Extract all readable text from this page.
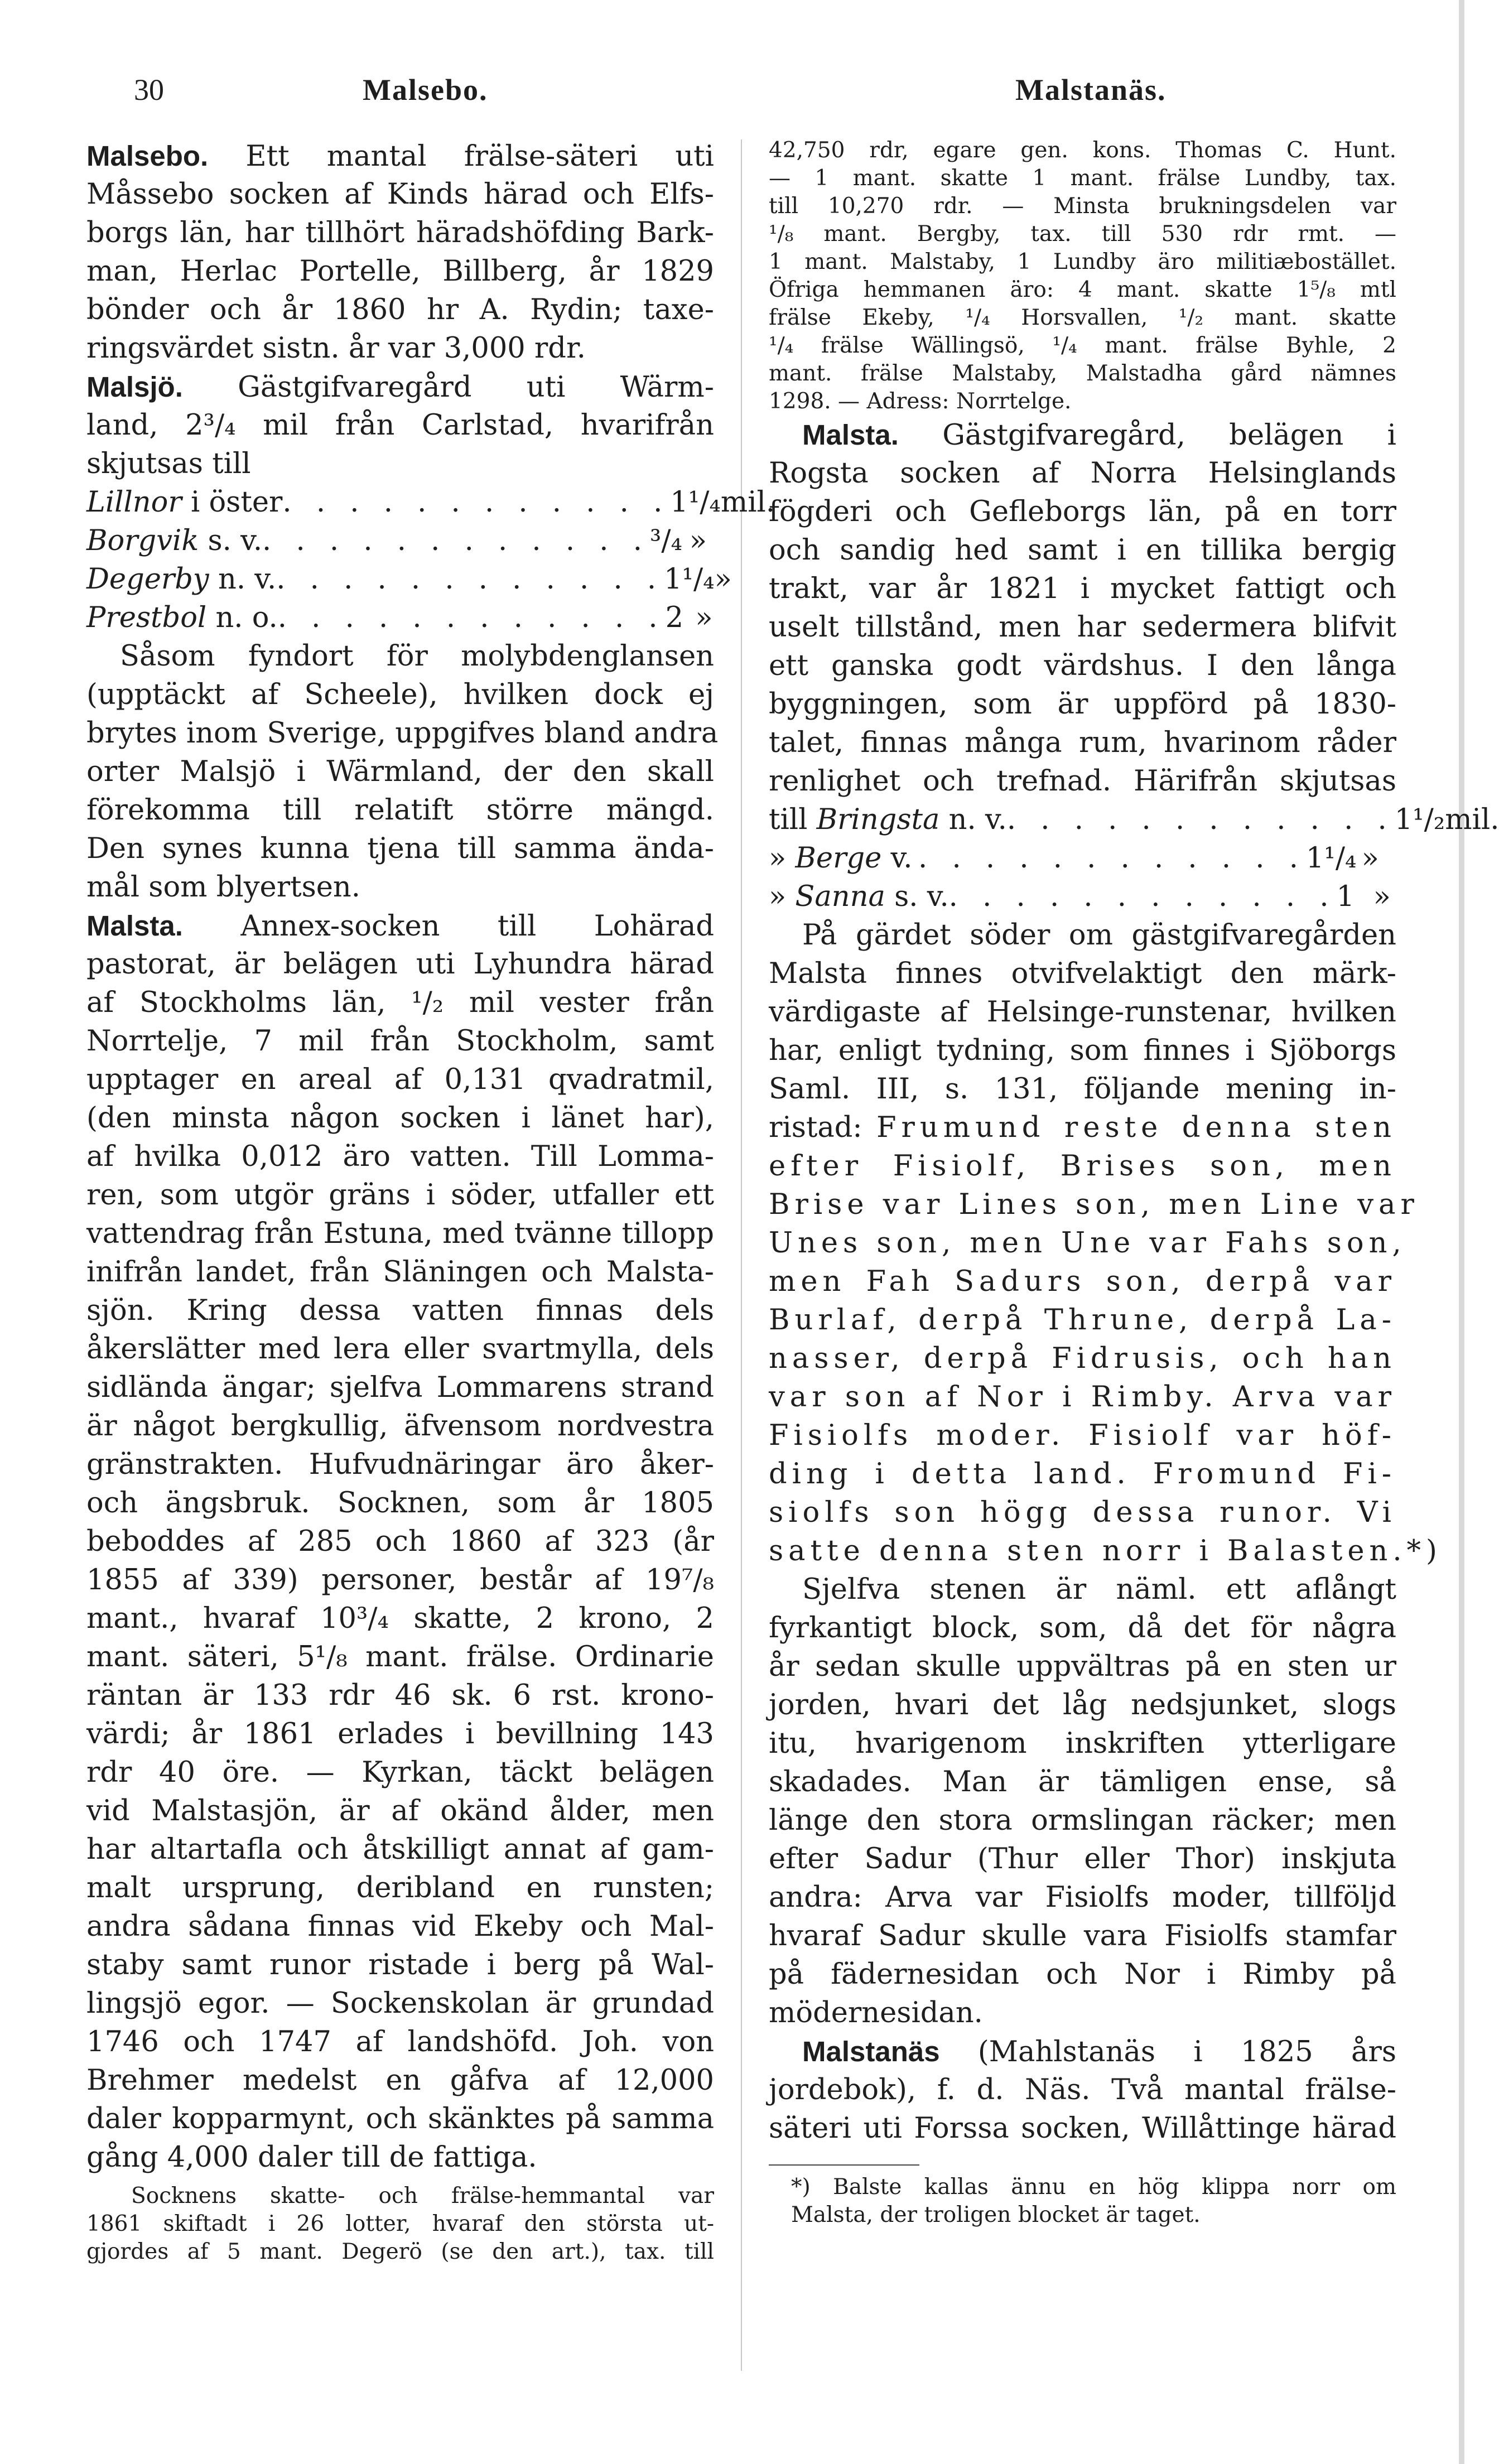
30	Malsebo.	Malstanäs.
Malsebo. Ett mantal frälse-säteri uti
Måssebo socken af Kinds härad och Elfs-
borgs län, har tillhört häradshöfding Bark-
man, Herlac Portelle, Billberg, år 1829
bönder och år 1860 hr A. Rydin; taxe-
ringsvärdet sistn. år var 3,000 rdr.
Malsjö. Gästgifvaregård uti Wärm-
land, 2³/₄ mil från Carlstad, hvarifrån
skjutsas till
Lillnor i öster . . . . . . . . . . . . 1¹/₄ mil.
Borgvik s. v. . . . . . . . . . . . . ³/₄ »
Degerby n. v. . . . . . . . . . . . . 1¹/₄ »
Prestbol n. o. . . . . . . . . . . . . 2 »
Såsom fyndort för molybdenglansen
(upptäckt af Scheele), hvilken dock ej
brytes inom Sverige, uppgifves bland andra
orter Malsjö i Wärmland, der den skall
förekomma till relatift större mängd.
Den synes kunna tjena till samma ända-
mål som blyertsen.
Malsta. Annex-socken till Lohärad
pastorat, är belägen uti Lyhundra härad
af Stockholms län, ¹/₂ mil vester från
Norrtelje, 7 mil från Stockholm, samt
upptager en areal af 0,131 qvadratmil,
(den minsta någon socken i länet har),
af hvilka 0,012 äro vatten. Till Lomma-
ren, som utgör gräns i söder, utfaller ett
vattendrag från Estuna, med tvänne tillopp
inifrån landet, från Släningen och Malsta-
sjön. Kring dessa vatten finnas dels
åkerslätter med lera eller svartmylla, dels
sidlända ängar; sjelfva Lommarens strand
är något bergkullig, äfvensom nordvestra
gränstrakten. Hufvudnäringar äro åker-
och ängsbruk. Socknen, som år 1805
beboddes af 285 och 1860 af 323 (år
1855 af 339) personer, består af 19⁷/₈
mant., hvaraf 10³/₄ skatte, 2 krono, 2
mant. säteri, 5¹/₈ mant. frälse. Ordinarie
räntan är 133 rdr 46 sk. 6 rst. krono-
värdi; år 1861 erlades i bevillning 143
rdr 40 öre. — Kyrkan, täckt belägen
vid Malstasjön, är af okänd ålder, men
har altartafla och åtskilligt annat af gam-
malt ursprung, deribland en runsten;
andra sådana finnas vid Ekeby och Mal-
staby samt runor ristade i berg på Wal-
lingsjö egor. — Sockenskolan är grundad
1746 och 1747 af landshöfd. Joh. von
Brehmer medelst en gåfva af 12,000
daler kopparmynt, och skänktes på samma
gång 4,000 daler till de fattiga.
Socknens skatte- och frälse-hemmantal var
1861 skiftadt i 26 lotter, hvaraf den största ut-
gjordes af 5 mant. Degerö (se den art.), tax. till
42,750 rdr, egare gen. kons. Thomas C. Hunt.
— 1 mant. skatte 1 mant. frälse Lundby, tax.
till 10,270 rdr. — Minsta brukningsdelen var
¹/₈ mant. Bergby, tax. till 530 rdr rmt. —
1 mant. Malstaby, 1 Lundby äro militiæbostället.
Öfriga hemmanen äro: 4 mant. skatte 1⁵/₈ mtl
frälse Ekeby, ¹/₄ Horsvallen, ¹/₂ mant. skatte
¹/₄ frälse Wällingsö, ¹/₄ mant. frälse Byhle, 2
mant. frälse Malstaby, Malstadha gård nämnes
1298. — Adress: Norrtelge.
Malsta. Gästgifvaregård, belägen i
Rogsta socken af Norra Helsinglands
fögderi och Gefleborgs län, på en torr
och sandig hed samt i en tillika bergig
trakt, var år 1821 i mycket fattigt och
uselt tillstånd, men har sedermera blifvit
ett ganska godt värdshus. I den långa
byggningen, som är uppförd på 1830-
talet, finnas många rum, hvarinom råder
renlighet och trefnad. Härifrån skjutsas
till Bringsta n. v. . . . . . . . . . . . . 1¹/₂ mil.
» Berge v. . . . . . . . . . . . . 1¹/₄ »
» Sanna s. v. . . . . . . . . . . . . 1 »
På gärdet söder om gästgifvaregården
Malsta finnes otvifvelaktigt den märk-
värdigaste af Helsinge-runstenar, hvilken
har, enligt tydning, som finnes i Sjöborgs
Saml. III, s. 131, följande mening in-
ristad: Frumund reste denna sten
efter Fisiolf, Brises son, men
Brise var Lines son, men Line var
Unes son, men Une var Fahs son,
men Fah Sadurs son, derpå var
Burlaf, derpå Thrune, derpå La-
nasser, derpå Fidrusis, och han
var son af Nor i Rimby. Arva var
Fisiolfs moder. Fisiolf var höf-
ding i detta land. Fromund Fi-
siolfs son högg dessa runor. Vi
satte denna sten norr i Balasten.*)
Sjelfva stenen är näml. ett aflångt
fyrkantigt block, som, då det för några
år sedan skulle uppvältras på en sten ur
jorden, hvari det låg nedsjunket, slogs
itu, hvarigenom inskriften ytterligare
skadades. Man är tämligen ense, så
länge den stora ormslingan räcker; men
efter Sadur (Thur eller Thor) inskjuta
andra: Arva var Fisiolfs moder, tillföljd
hvaraf Sadur skulle vara Fisiolfs stamfar
på fädernesidan och Nor i Rimby på
mödernesidan.
Malstanäs (Mahlstanäs i 1825 års
jordebok), f. d. Näs. Två mantal frälse-
säteri uti Forssa socken, Willåttinge härad
*) Balste kallas ännu en hög klippa norr om
Malsta, der troligen blocket är taget.
